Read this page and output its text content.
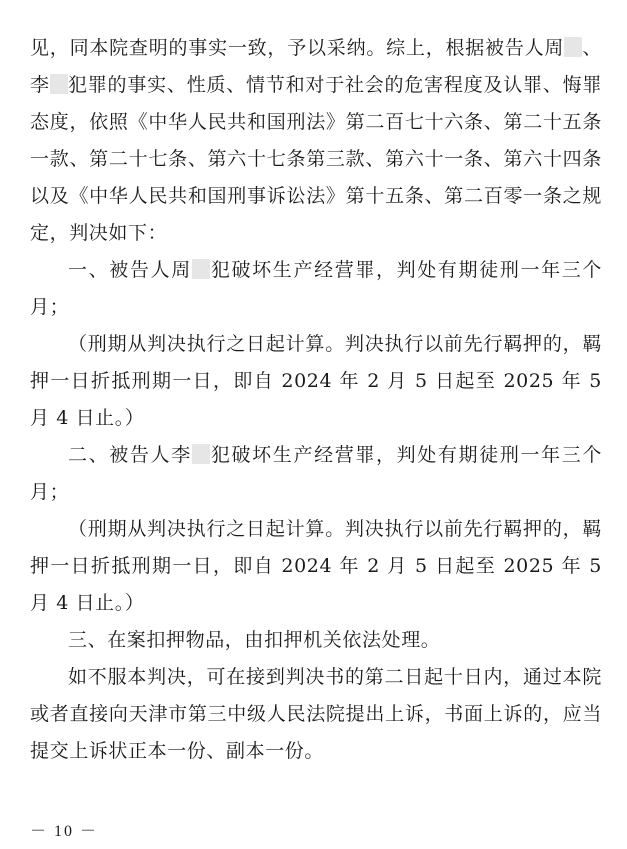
见，同本院查明的事实一致，予以采纳。综上，根据被告人周 、李 犯罪的事实、性质、情节和对于社会的危害程度及认罪、悔罪态度，依照《中华人民共和国刑法》第二百七十六条、第二十五条一款、第二十七条、第六十七条第三款、第六十一条、第六十四条以及《中华人民共和国刑事诉讼法》第十五条、第二百零一条之规定，判决如下：

一、被告人周 犯破坏生产经营罪，判处有期徒刑一年三个月；

（刑期从判决执行之日起计算。判决执行以前先行羁押的，羁押一日折抵刑期一日，即自 2024 年 2 月 5 日起至 2025 年 5 月 4 日止。）

二、被告人李 犯破坏生产经营罪，判处有期徒刑一年三个月；

（刑期从判决执行之日起计算。判决执行以前先行羁押的，羁押一日折抵刑期一日，即自 2024 年 2 月 5 日起至 2025 年 5 月 4 日止。）

三、在案扣押物品，由扣押机关依法处理。

如不服本判决，可在接到判决书的第二日起十日内，通过本院或者直接向天津市第三中级人民法院提出上诉，书面上诉的，应当提交上诉状正本一份、副本一份。

－ 10 －
